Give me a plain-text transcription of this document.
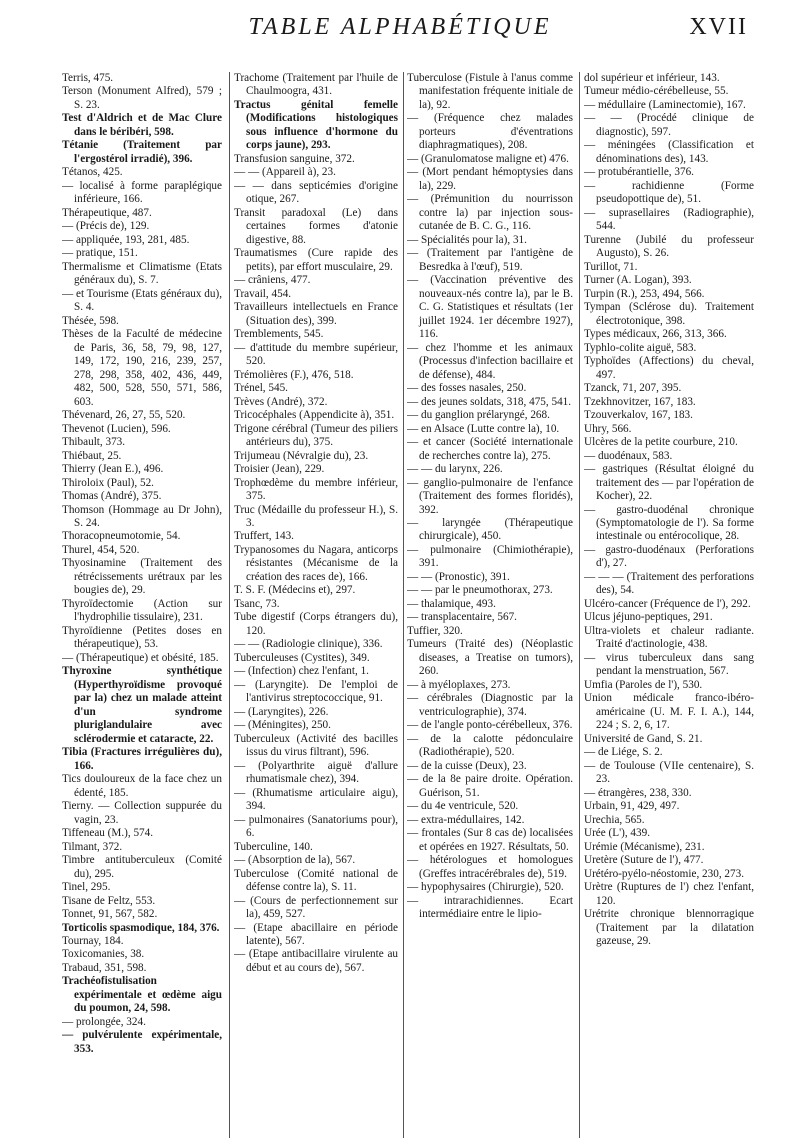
TABLE ALPHABÉTIQUE	XVII

Terris, 475.

Terson (Monument Alfred), 579 ; S. 23.

Test d'Aldrich et de Mac Clure dans le béribéri, 598.

Tétanie (Traitement par l'ergostérol irradié), 396.

Tétanos, 425.

— localisé à forme paraplégique inférieure, 166.

Thérapeutique, 487.

— (Précis de), 129.

— appliquée, 193, 281, 485.

— pratique, 151.

Thermalisme et Climatisme (Etats généraux du), S. 7.

— et Tourisme (Etats généraux du), S. 4.

Thésée, 598.

Thèses de la Faculté de médecine de Paris, 36, 58, 79, 98, 127, 149, 172, 190, 216, 239, 257, 278, 298, 358, 402, 436, 449, 482, 500, 528, 550, 571, 586, 603.

Thévenard, 26, 27, 55, 520.

Thevenot (Lucien), 596.

Thibault, 373.

Thiébaut, 25.

Thierry (Jean E.), 496.

Thiroloix (Paul), 52.

Thomas (André), 375.

Thomson (Hommage au Dr John), S. 24.

Thoracopneumotomie, 54.

Thurel, 454, 520.

Thyosinamine (Traitement des rétrécissements urétraux par les bougies de), 29.

Thyroïdectomie (Action sur l'hydrophilie tissulaire), 231.

Thyroïdienne (Petites doses en thérapeutique), 53.

— (Thérapeutique) et obésité, 185.

Thyroxine synthétique (Hyperthyroïdisme provoqué par la) chez un malade atteint d'un syndrome pluriglandulaire avec sclérodermie et cataracte, 22.

Tibia (Fractures irrégulières du), 166.

Tics douloureux de la face chez un édenté, 185.

Tierny. — Collection suppurée du vagin, 23.

Tiffeneau (M.), 574.

Tilmant, 372.

Timbre antituberculeux (Comité du), 295.

Tinel, 295.

Tisane de Feltz, 553.

Tonnet, 91, 567, 582.

Torticolis spasmodique, 184, 376.

Tournay, 184.

Toxicomanies, 38.

Trabaud, 351, 598.

Trachéofistulisation expérimentale et œdème aigu du poumon, 24, 598.

— prolongée, 324.

— pulvérulente expérimentale, 353.

Trachome (Traitement par l'huile de Chaulmoogra, 431.

Tractus génital femelle (Modifications histologiques sous influence d'hormone du corps jaune), 293.

Transfusion sanguine, 372.

— — (Appareil à), 23.

— — dans septicémies d'origine otique, 267.

Transit paradoxal (Le) dans certaines formes d'atonie digestive, 88.

Traumatismes (Cure rapide des petits), par effort musculaire, 29.

— crâniens, 477.

Travail, 454.

Travailleurs intellectuels en France (Situation des), 399.

Tremblements, 545.

— d'attitude du membre supérieur, 520.

Trémolières (F.), 476, 518.

Trénel, 545.

Trèves (André), 372.

Tricocéphales (Appendicite à), 351.

Trigone cérébral (Tumeur des piliers antérieurs du), 375.

Trijumeau (Névralgie du), 23.

Troisier (Jean), 229.

Trophœdème du membre inférieur, 375.

Truc (Médaille du professeur H.), S. 3.

Truffert, 143.

Trypanosomes du Nagara, anticorps résistantes (Mécanisme de la création des races de), 166.

T. S. F. (Médecins et), 297.

Tsanc, 73.

Tube digestif (Corps étrangers du), 120.

— — (Radiologie clinique), 336.

Tuberculeuses (Cystites), 349.

— (Infection) chez l'enfant, 1.

— (Laryngite). De l'emploi de l'antivirus streptococcique, 91.

— (Laryngites), 226.

— (Méningites), 250.

Tuberculeux (Activité des bacilles issus du virus filtrant), 596.

— (Polyarthrite aiguë d'allure rhumatismale chez), 394.

— (Rhumatisme articulaire aigu), 394.

— pulmonaires (Sanatoriums pour), 6.

Tuberculine, 140.

— (Absorption de la), 567.

Tuberculose (Comité national de défense contre la), S. 11.

— (Cours de perfectionnement sur la), 459, 527.

— (Etape abacillaire en période latente), 567.

— (Etape antibacillaire virulente au début et au cours de), 567.

Tuberculose (Fistule à l'anus comme manifestation fréquente initiale de la), 92.

— (Fréquence chez malades porteurs d'éventrations diaphragmatiques), 208.

— (Granulomatose maligne et) 476.

— (Mort pendant hémoptysies dans la), 229.

— (Prémunition du nourrisson contre la) par injection sous-cutanée de B. C. G., 116.

— Spécialités pour la), 31.

— (Traitement par l'antigène de Besredka à l'œuf), 519.

— (Vaccination préventive des nouveaux-nés contre la), par le B. C. G. Statistiques et résultats (1er juillet 1924. 1er décembre 1927), 116.

— chez l'homme et les animaux (Processus d'infection bacillaire et de défense), 484.

— des fosses nasales, 250.

— des jeunes soldats, 318, 475, 541.

— du ganglion prélaryngé, 268.

— en Alsace (Lutte contre la), 10.

— et cancer (Société internationale de recherches contre la), 275.

— — du larynx, 226.

— ganglio-pulmonaire de l'enfance (Traitement des formes floridés), 392.

— laryngée (Thérapeutique chirurgicale), 450.

— pulmonaire (Chimiothérapie), 391.

— — (Pronostic), 391.

— — par le pneumothorax, 273.

— thalamique, 493.

— transplacentaire, 567.

Tuffier, 320.

Tumeurs (Traité des) (Néoplastic diseases, a Treatise on tumors), 260.

— à myéloplaxes, 273.

— cérébrales (Diagnostic par la ventriculographie), 374.

— de l'angle ponto-cérébelleux, 376.

— de la calotte pédonculaire (Radiothérapie), 520.

— de la cuisse (Deux), 23.

— de la 8e paire droite. Opération. Guérison, 51.

— du 4e ventricule, 520.

— extra-médullaires, 142.

— frontales (Sur 8 cas de) localisées et opérées en 1927. Résultats, 50.

— hétérologues et homologues (Greffes intracérébrales de), 519.

— hypophysaires (Chirurgie), 520.

— intrarachidiennes. Ecart intermédiaire entre le lipio-

dol supérieur et inférieur, 143.

Tumeur médio-cérébelleuse, 55.

— médullaire (Laminectomie), 167.

— — (Procédé clinique de diagnostic), 597.

— méningées (Classification et dénominations des), 143.

— protubérantielle, 376.

— rachidienne (Forme pseudopottique de), 51.

— suprasellaires (Radiographie), 544.

Turenne (Jubilé du professeur Augusto), S. 26.

Turillot, 71.

Turner (A. Logan), 393.

Turpin (R.), 253, 494, 566.

Tympan (Sclérose du). Traitement électrotonique, 398.

Types médicaux, 266, 313, 366.

Typhlo-colite aiguë, 583.

Typhoïdes (Affections) du cheval, 497.

Tzanck, 71, 207, 395.

Tzekhnovitzer, 167, 183.

Tzouverkalov, 167, 183.

Uhry, 566.

Ulcères de la petite courbure, 210.

— duodénaux, 583.

— gastriques (Résultat éloigné du traitement des — par l'opération de Kocher), 22.

— gastro-duodénal chronique (Symptomatologie de l'). Sa forme intestinale ou entérocolique, 28.

— gastro-duodénaux (Perforations d'), 27.

— — — (Traitement des perforations des), 54.

Ulcéro-cancer (Fréquence de l'), 292.

Ulcus jéjuno-peptiques, 291.

Ultra-violets et chaleur radiante. Traité d'actinologie, 438.

— virus tuberculeux dans sang pendant la menstruation, 567.

Umfia (Paroles de l'), 530.

Union médicale franco-ibéro-américaine (U. M. F. I. A.), 144, 224 ; S. 2, 6, 17.

Université de Gand, S. 21.

— de Liége, S. 2.

— de Toulouse (VIIe centenaire), S. 23.

— étrangères, 238, 330.

Urbain, 91, 429, 497.

Urechia, 565.

Urée (L'), 439.

Urémie (Mécanisme), 231.

Uretère (Suture de l'), 477.

Urétéro-pyélo-néostomie, 230, 273.

Urètre (Ruptures de l') chez l'enfant, 120.

Urétrite chronique blennorragique (Traitement par la dilatation gazeuse, 29.
